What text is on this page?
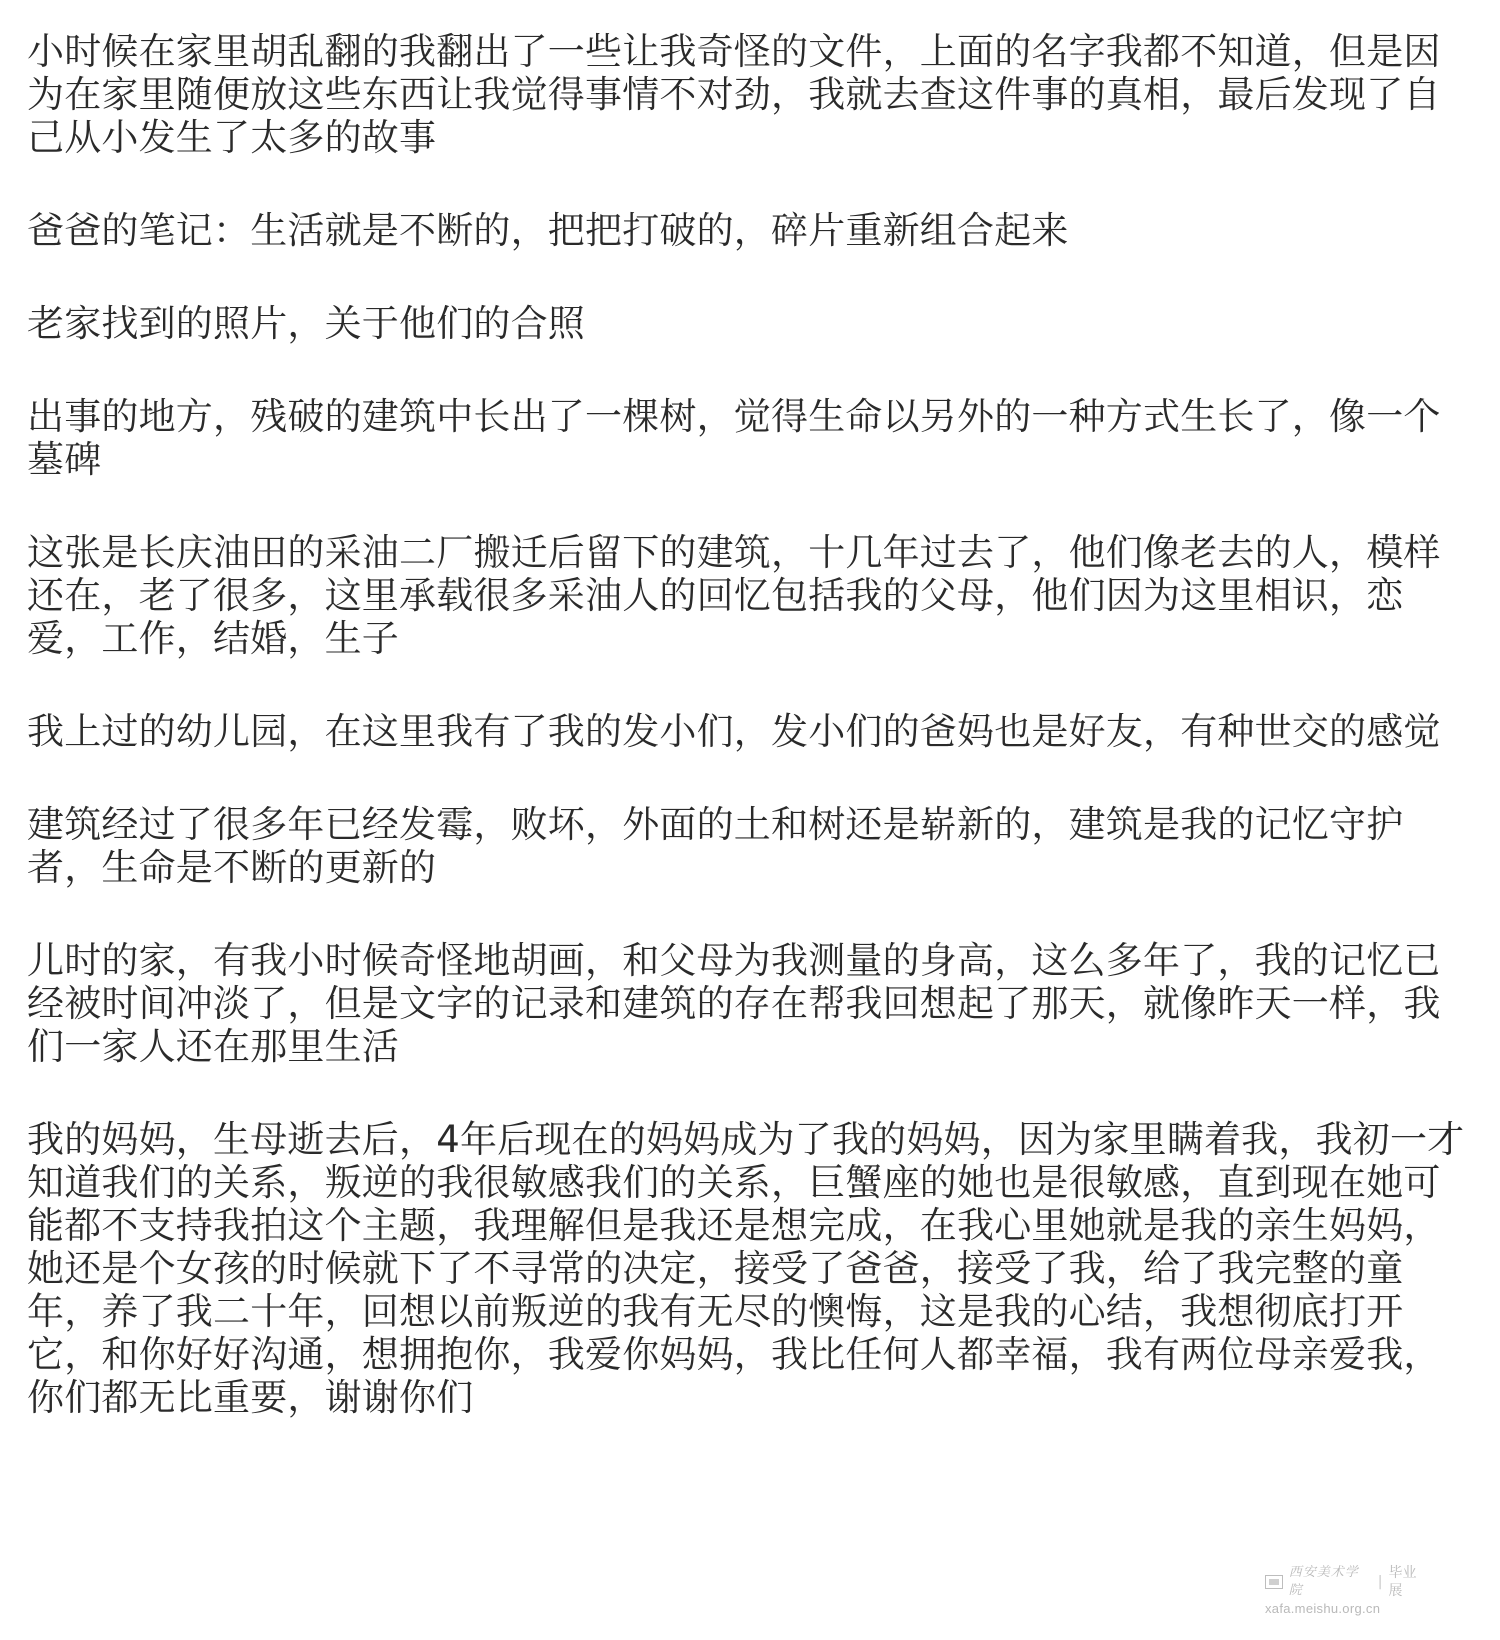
小时候在家里胡乱翻的我翻出了一些让我奇怪的文件，上面的名字我都不知道，但是因为在家里随便放这些东西让我觉得事情不对劲，我就去查这件事的真相，最后发现了自己从小发生了太多的故事

爸爸的笔记：生活就是不断的，把把打破的，碎片重新组合起来

老家找到的照片，关于他们的合照

出事的地方，残破的建筑中长出了一棵树，觉得生命以另外的一种方式生长了，像一个墓碑

这张是长庆油田的采油二厂搬迁后留下的建筑，十几年过去了，他们像老去的人，模样还在，老了很多，这里承载很多采油人的回忆包括我的父母，他们因为这里相识，恋爱，工作，结婚，生子

我上过的幼儿园，在这里我有了我的发小们，发小们的爸妈也是好友，有种世交的感觉

建筑经过了很多年已经发霉，败坏，外面的土和树还是崭新的，建筑是我的记忆守护者，生命是不断的更新的

儿时的家，有我小时候奇怪地胡画，和父母为我测量的身高，这么多年了，我的记忆已经被时间冲淡了，但是文字的记录和建筑的存在帮我回想起了那天，就像昨天一样，我们一家人还在那里生活

我的妈妈，生母逝去后，4年后现在的妈妈成为了我的妈妈，因为家里瞒着我，我初一才知道我们的关系，叛逆的我很敏感我们的关系，巨蟹座的她也是很敏感，直到现在她可能都不支持我拍这个主题，我理解但是我还是想完成，在我心里她就是我的亲生妈妈，她还是个女孩的时候就下了不寻常的决定，接受了爸爸，接受了我，给了我完整的童年，养了我二十年，回想以前叛逆的我有无尽的懊悔，这是我的心结，我想彻底打开它，和你好好沟通，想拥抱你，我爱你妈妈，我比任何人都幸福，我有两位母亲爱我，你们都无比重要，谢谢你们

西安美术学院
|
毕业展
xafa.meishu.org.cn
